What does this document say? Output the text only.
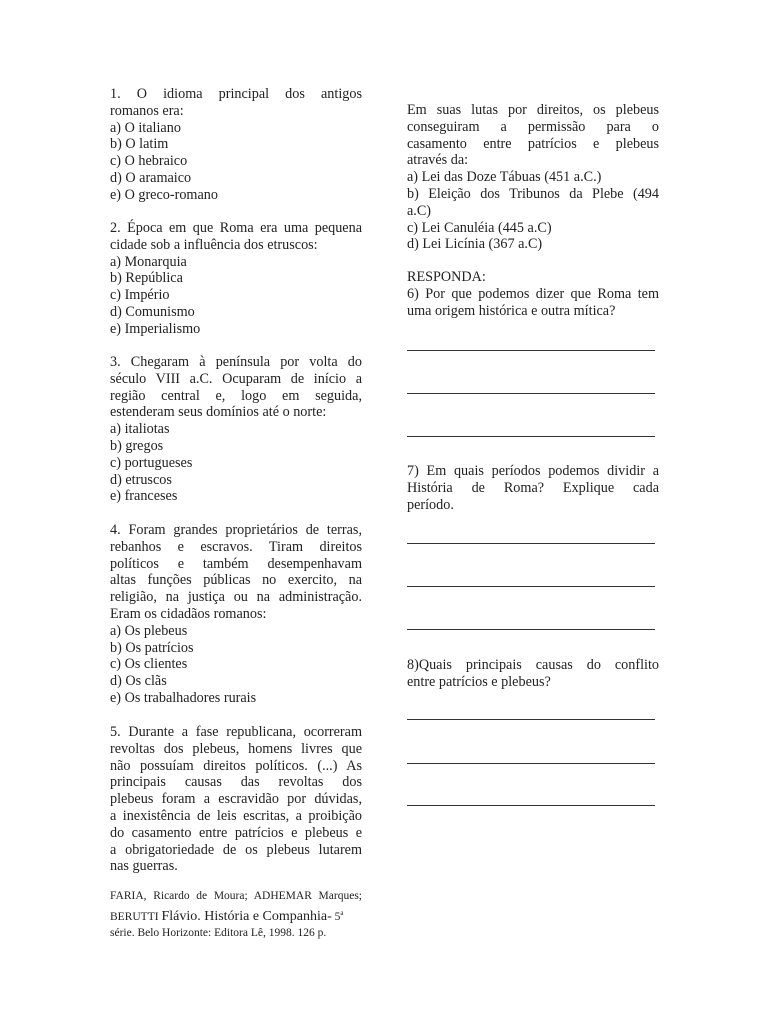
1. O idioma principal dos antigos

romanos era:

a) O italiano

b) O latim

c) O hebraico

d) O aramaico

e) O greco-romano

2. Época em que Roma era uma pequena

cidade sob a influência dos etruscos:

a) Monarquia

b) República

c) Império

d) Comunismo

e) Imperialismo

3. Chegaram à península por volta do

século VIII a.C. Ocuparam de início a

região central e, logo em seguida,

estenderam seus domínios até o norte:

a) italiotas

b) gregos

c) portugueses

d) etruscos

e) franceses

4. Foram grandes proprietários de terras,

rebanhos e escravos. Tiram direitos

políticos e também desempenhavam

altas funções públicas no exercito, na

religião, na justiça ou na administração.

Eram os cidadãos romanos:

a) Os plebeus

b) Os patrícios

c) Os clientes

d) Os clãs

e) Os trabalhadores rurais

5. Durante a fase republicana, ocorreram

revoltas dos plebeus, homens livres que

não possuíam direitos políticos. (...) As

principais causas das revoltas dos

plebeus foram a escravidão por dúvidas,

a inexistência de leis escritas, a proibição

do casamento entre patrícios e plebeus e

a obrigatoriedade de os plebeus lutarem

nas guerras.

FARIA, Ricardo de Moura; ADHEMAR Marques;

BERUTTI Flávio. História e Companhia- 5$^a$

série. Belo Horizonte: Editora Lê, 1998. 126 p.

Em suas lutas por direitos, os plebeus

conseguiram a permissão para o

casamento entre patrícios e plebeus

através da:

a) Lei das Doze Tábuas (451 a.C.)

b) Eleição dos Tribunos da Plebe (494

a.C)

c) Lei Canuléia (445 a.C)

d) Lei Licínia (367 a.C)

RESPONDA:

6) Por que podemos dizer que Roma tem

uma origem histórica e outra mítica?

7) Em quais períodos podemos dividir a

História de Roma? Explique cada

período.

8)Quais principais causas do conflito

entre patrícios e plebeus?
